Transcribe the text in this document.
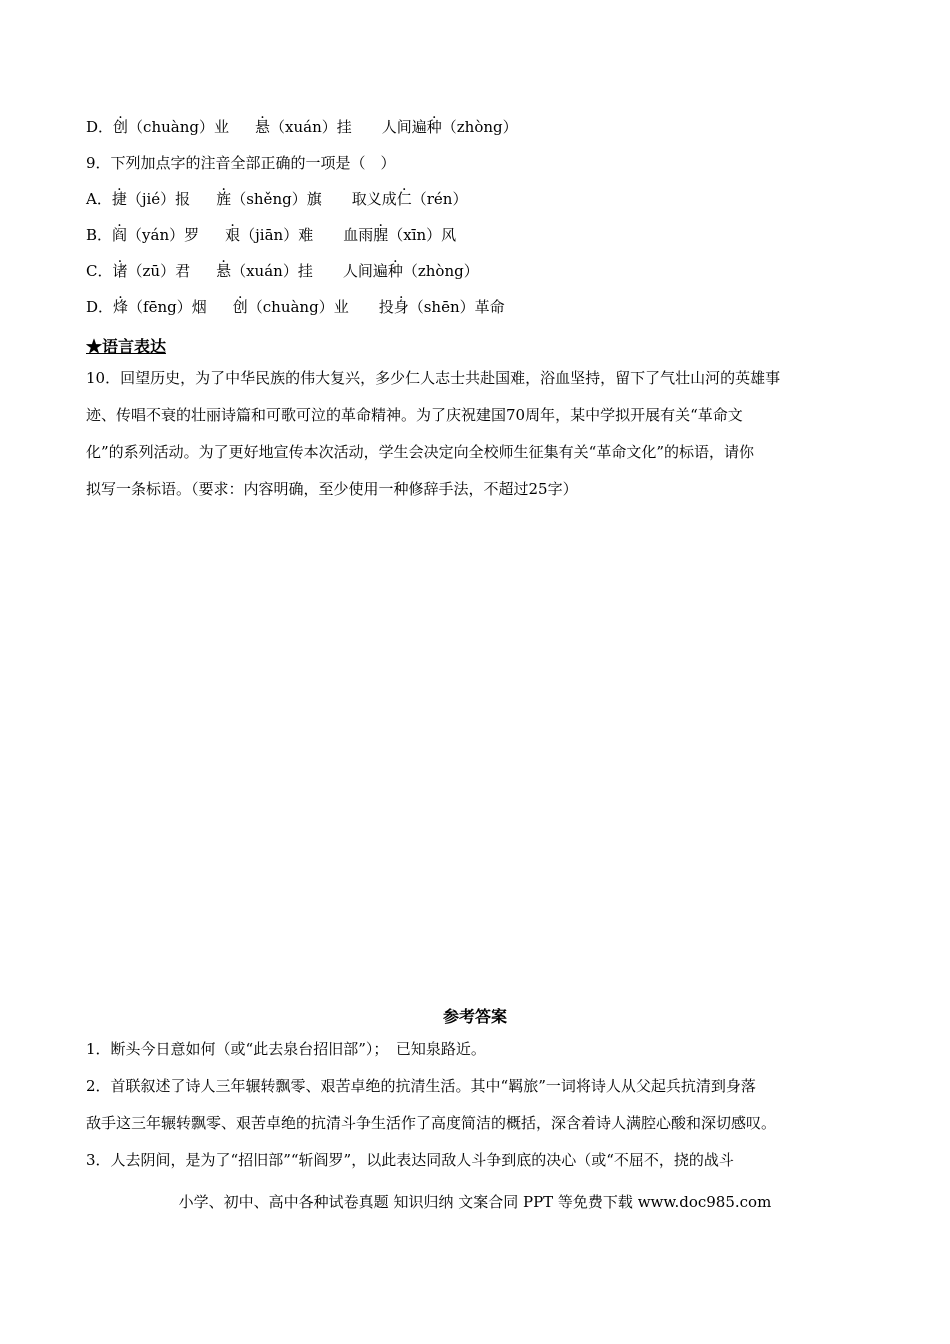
D．创（chuàng）业 悬（xuán）挂 人间遍种（zhòng）
9．下列加点字的注音全部正确的一项是（　）
A．捷（jié）报 旌（shěng）旗 取义成仁（rén）
B．阎（yán）罗 艰（jiān）难 血雨腥（xīn）风
C．诸（zū）君 悬（xuán）挂 人间遍种（zhòng）
D．烽（fēng）烟 创（chuàng）业 投身（shēn）革命
★语言表达
10．回望历史，为了中华民族的伟大复兴，多少仁人志士共赴国难，浴血坚持，留下了气壮山河的英雄事
迹、传唱不衰的壮丽诗篇和可歌可泣的革命精神。为了庆祝建国70周年，某中学拟开展有关“革命文
化”的系列活动。为了更好地宣传本次活动，学生会决定向全校师生征集有关“革命文化”的标语，请你
拟写一条标语。（要求：内容明确，至少使用一种修辞手法，不超过25字）
参考答案
1．断头今日意如何（或“此去泉台招旧部”）；　已知泉路近。
2．首联叙述了诗人三年辗转飘零、艰苦卓绝的抗清生活。其中“羁旅”一词将诗人从父起兵抗清到身落
敌手这三年辗转飘零、艰苦卓绝的抗清斗争生活作了高度简洁的概括，深含着诗人满腔心酸和深切感叹。
3．人去阴间，是为了“招旧部”“斩阎罗”，以此表达同敌人斗争到底的决心（或“不屈不，挠的战斗
小学、初中、高中各种试卷真题 知识归纳 文案合同 PPT 等免费下载 www.doc985.com
